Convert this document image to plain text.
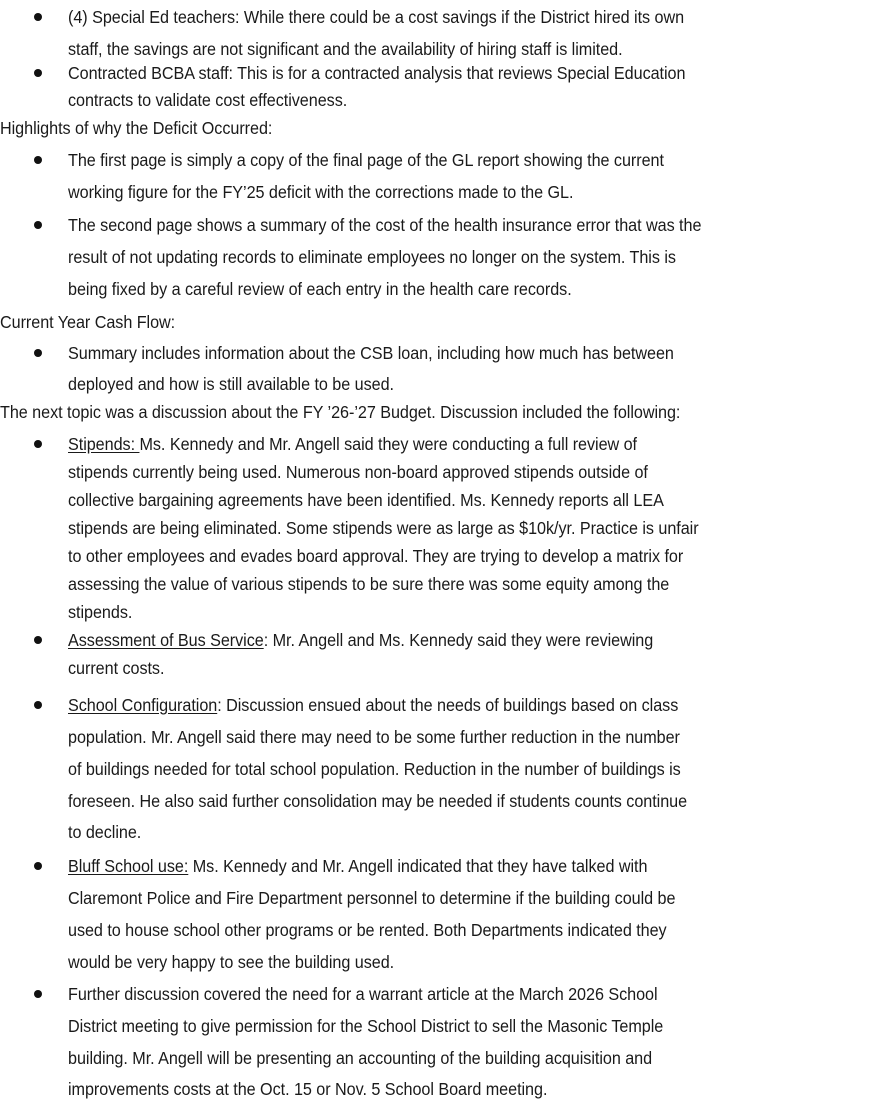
(4) Special Ed teachers: While there could be a cost savings if the District hired its own
staff, the savings are not significant and the availability of hiring staff is limited.
Contracted BCBA staff: This is for a contracted analysis that reviews Special Education
contracts to validate cost effectiveness.
Highlights of why the Deficit Occurred:
The first page is simply a copy of the final page of the GL report showing the current
working figure for the FY’25 deficit with the corrections made to the GL.
The second page shows a summary of the cost of the health insurance error that was the
result of not updating records to eliminate employees no longer on the system. This is
being fixed by a careful review of each entry in the health care records.
Current Year Cash Flow:
Summary includes information about the CSB loan, including how much has between
deployed and how is still available to be used.
The next topic was a discussion about the FY ’26-’27 Budget. Discussion included the following:
Stipends: Ms. Kennedy and Mr. Angell said they were conducting a full review of
stipends currently being used. Numerous non-board approved stipends outside of
collective bargaining agreements have been identified. Ms. Kennedy reports all LEA
stipends are being eliminated. Some stipends were as large as $10k/yr. Practice is unfair
to other employees and evades board approval. They are trying to develop a matrix for
assessing the value of various stipends to be sure there was some equity among the
stipends.
Assessment of Bus Service: Mr. Angell and Ms. Kennedy said they were reviewing
current costs.
School Configuration: Discussion ensued about the needs of buildings based on class
population. Mr. Angell said there may need to be some further reduction in the number
of buildings needed for total school population. Reduction in the number of buildings is
foreseen. He also said further consolidation may be needed if students counts continue
to decline.
Bluff School use: Ms. Kennedy and Mr. Angell indicated that they have talked with
Claremont Police and Fire Department personnel to determine if the building could be
used to house school other programs or be rented. Both Departments indicated they
would be very happy to see the building used.
Further discussion covered the need for a warrant article at the March 2026 School
District meeting to give permission for the School District to sell the Masonic Temple
building. Mr. Angell will be presenting an accounting of the building acquisition and
improvements costs at the Oct. 15 or Nov. 5 School Board meeting.
